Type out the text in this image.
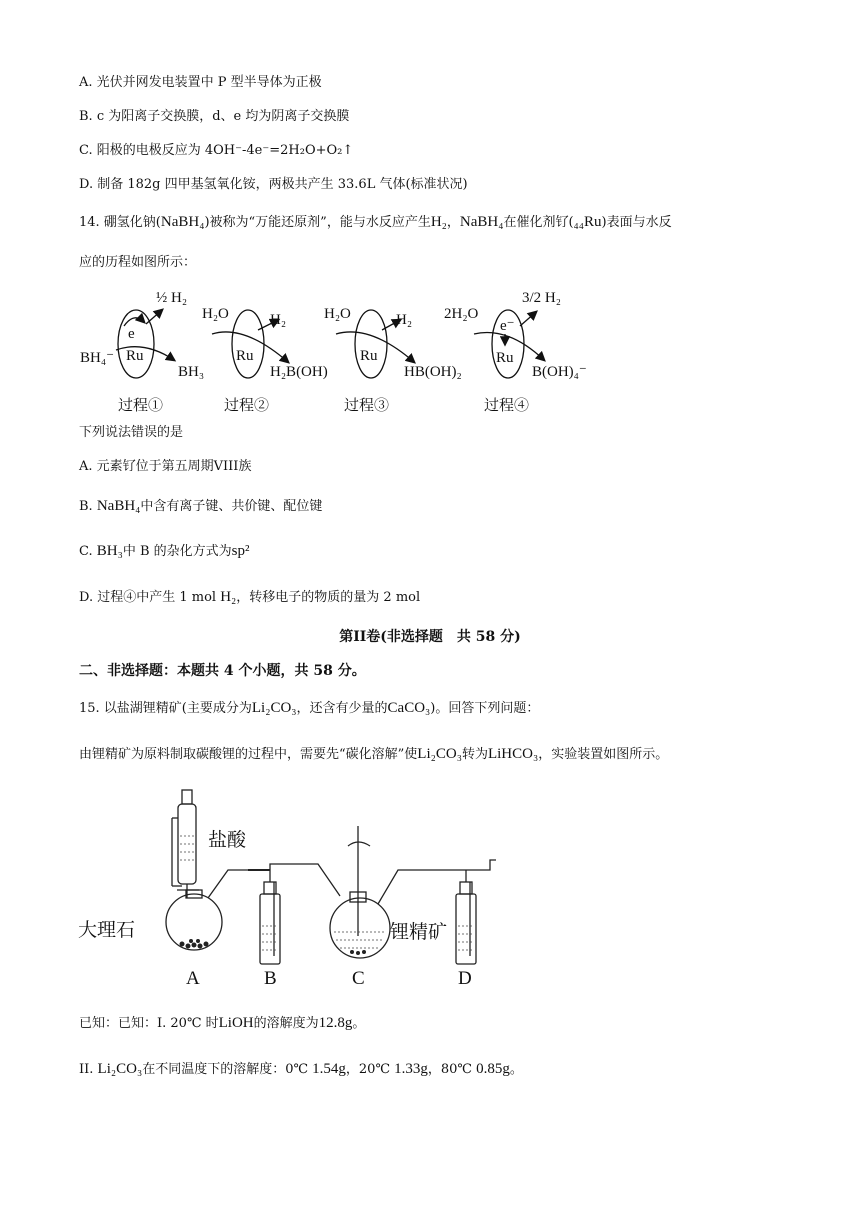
A. 光伏并网发电装置中 P 型半导体为正极
B. c 为阳离子交换膜，d、e 均为阴离子交换膜
C. 阳极的电极反应为 4OH⁻-4e⁻=2H₂O+O₂↑
D. 制备 182g 四甲基氢氧化铵，两极共产生 33.6L 气体(标准状况)
14. 硼氢化钠(NaBH₄)被称为“万能还原剂”，能与水反应产生H₂，NaBH₄在催化剂钌(₄₄Ru)表面与水反
应的历程如图所示：
½ H₂
e
Ru
BH₄⁻
BH₃
过程①
H₂O	H₂
Ru
H₂B(OH)
过程②
H₂O	H₂
Ru
HB(OH)₂
过程③
2H₂O
3/2 H₂
e⁻
Ru
B(OH)₄⁻
过程④
下列说法错误的是
A. 元素钌位于第五周期VIII族
B. NaBH₄中含有离子键、共价键、配位键
C. BH₃中 B 的杂化方式为sp²
D. 过程④中产生 1 mol H₂，转移电子的物质的量为 2 mol
第II卷(非选择题　共 58 分)
二、非选择题：本题共 4 个小题，共 58 分。
15. 以盐湖锂精矿(主要成分为Li₂CO₃，还含有少量的CaCO₃)。回答下列问题：
由锂精矿为原料制取碳酸锂的过程中，需要先“碳化溶解”使Li₂CO₃转为LiHCO₃，实验装置如图所示。
盐酸
大理石	锂精矿
A	B	C	D
已知：已知：I. 20℃ 时LiOH的溶解度为12.8g。
II. Li₂CO₃在不同温度下的溶解度：0℃ 1.54g，20℃ 1.33g，80℃ 0.85g。
